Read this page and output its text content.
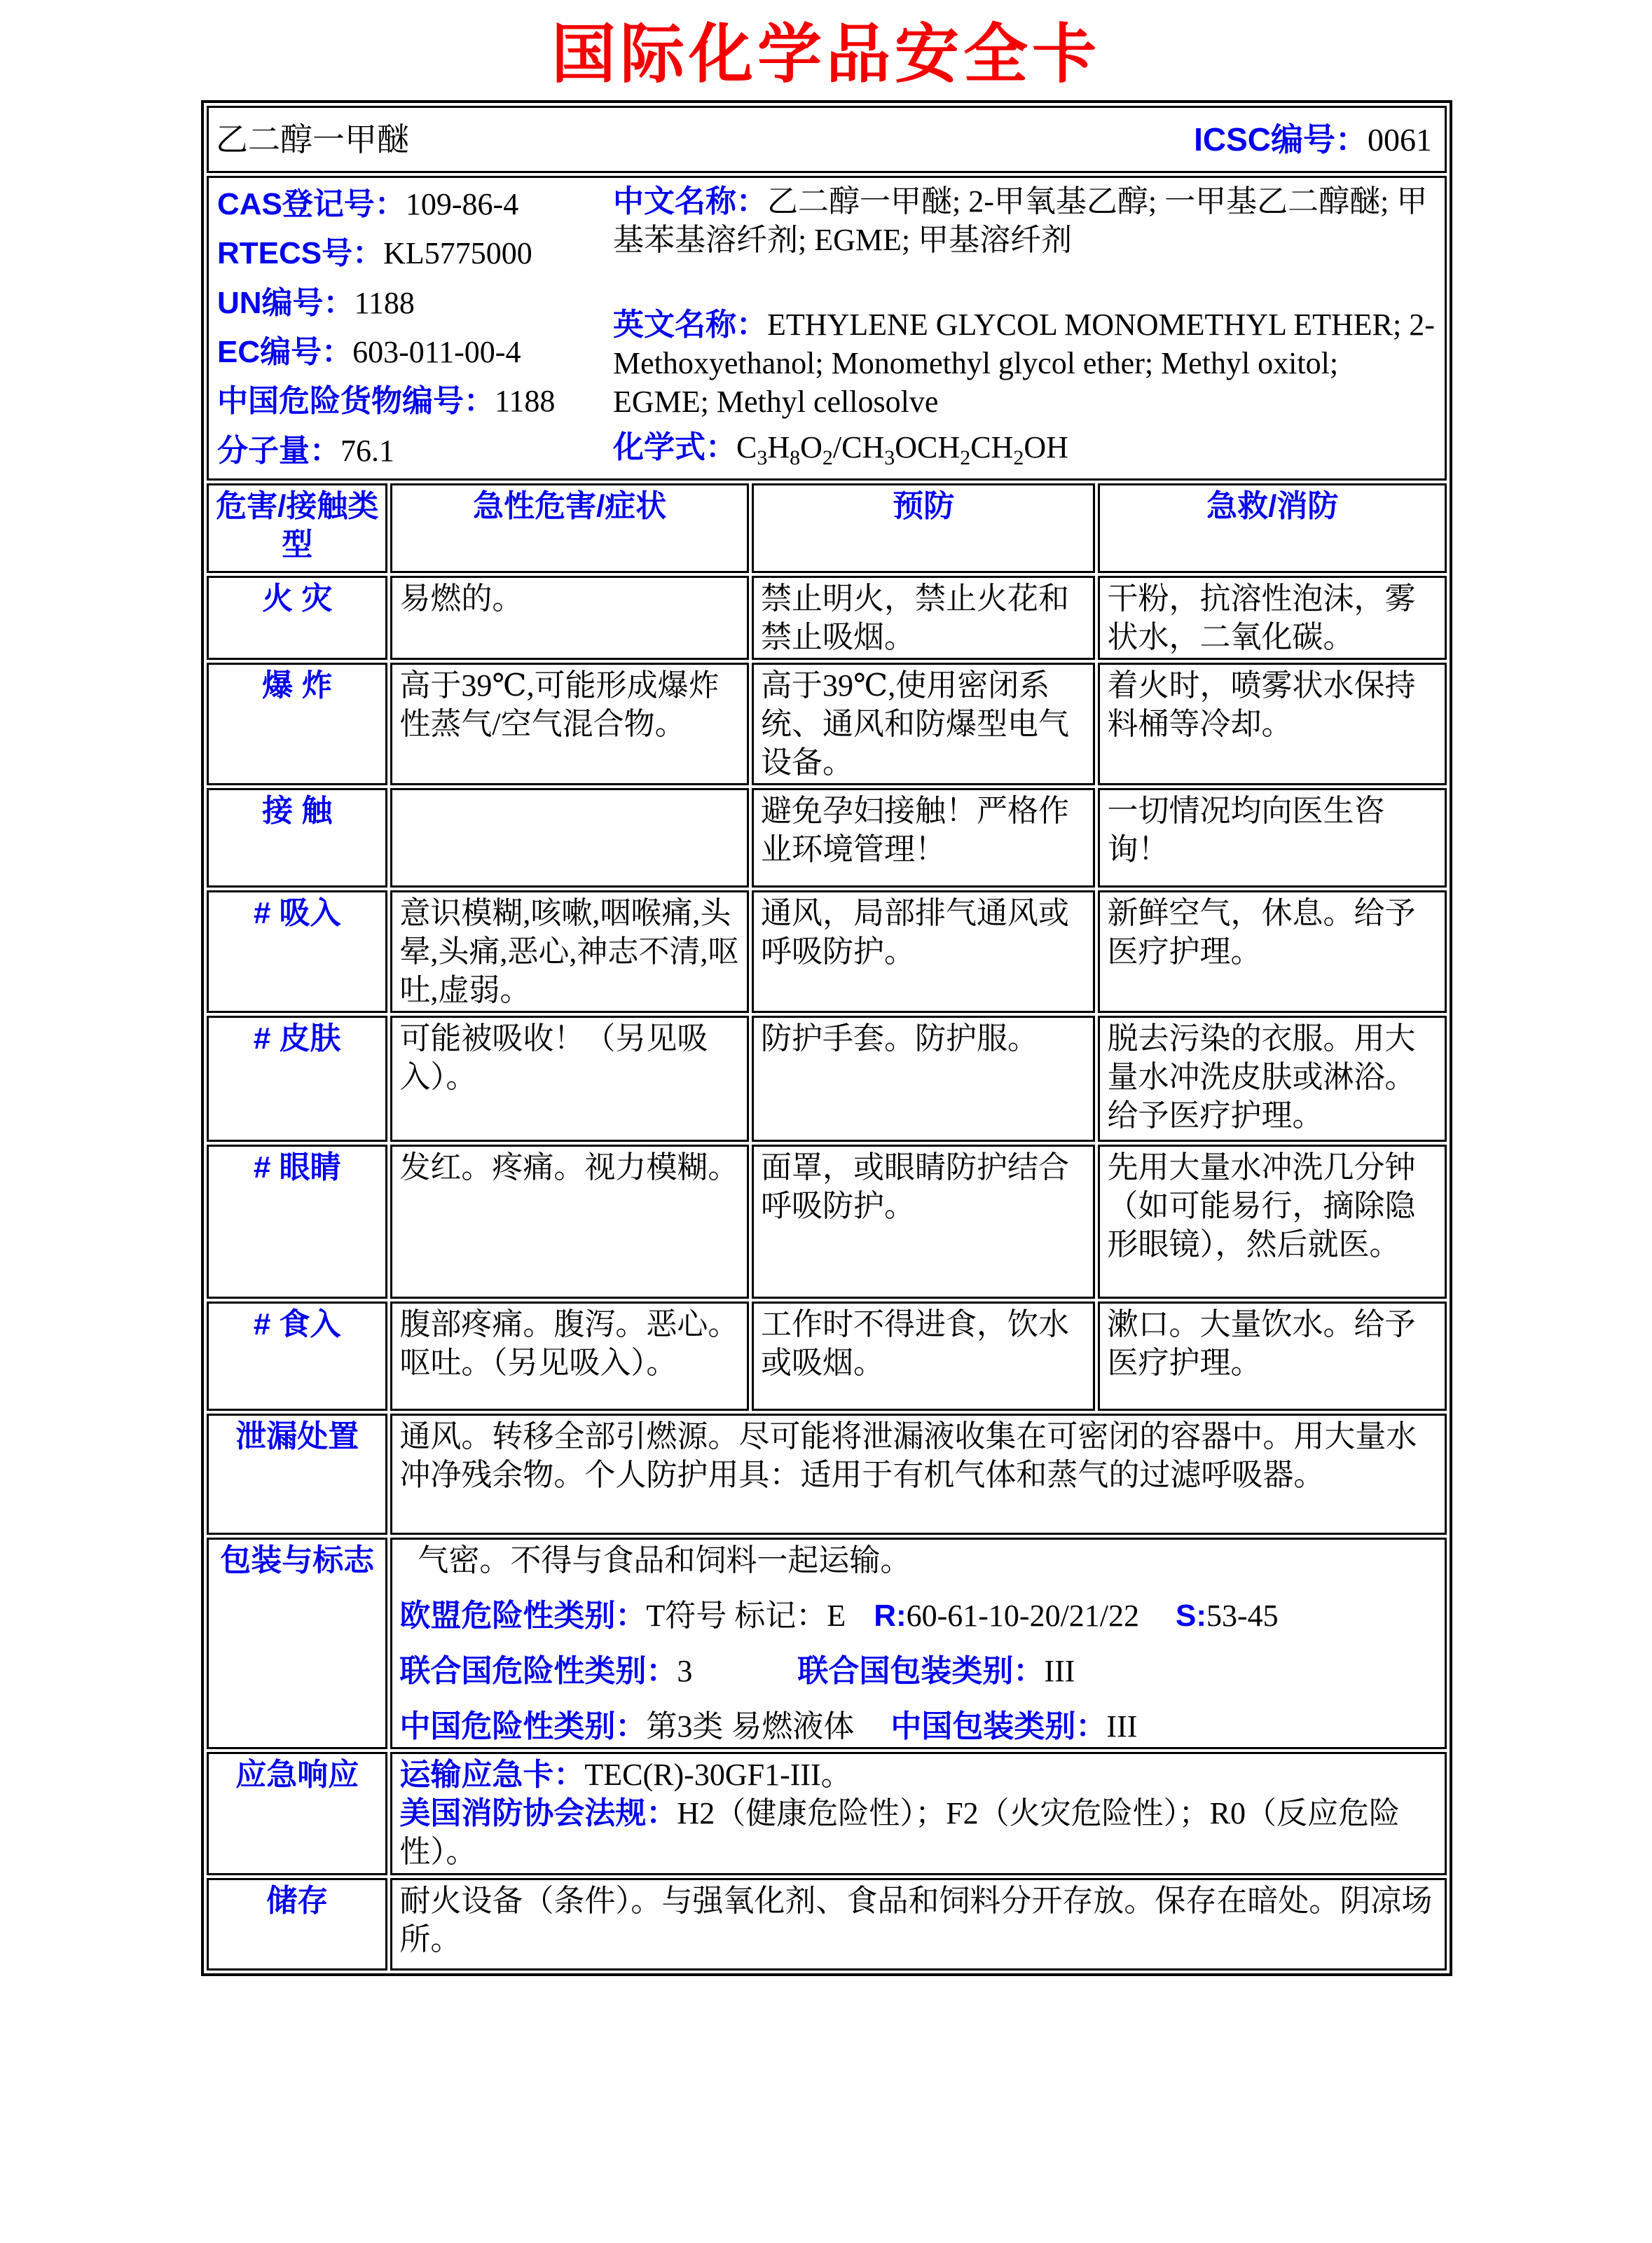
国际化学品安全卡
乙二醇一甲醚 ICSC编号：0061			

CAS登记号：109-86-4
RTECS号：KL5775000
UN编号：1188
EC编号：603-011-00-4
中国危险货物编号：1188
分子量：76.1

中文名称：乙二醇一甲醚; 2-甲氧基乙醇; 一甲基乙二醇醚; 甲基苯基溶纤剂; EGME; 甲基溶纤剂

英文名称：ETHYLENE GLYCOL MONOMETHYL ETHER; 2-Methoxyethanol; Monomethyl glycol ether; Methyl oxitol; EGME; Methyl cellosolve

化学式：$C_3H_8O_2/CH_3OCH_2CH_2OH$

危害/接触类型	急性危害/症状	预防	急救/消防
火 灾	易燃的。	禁止明火，禁止火花和禁止吸烟。	干粉，抗溶性泡沫，雾状水，二氧化碳。
爆 炸	高于39℃,可能形成爆炸性蒸气/空气混合物。	高于39℃,使用密闭系统、通风和防爆型电气设备。	着火时，喷雾状水保持料桶等冷却。
接 触		避免孕妇接触！严格作业环境管理！	一切情况均向医生咨询！
# 吸入	意识模糊,咳嗽,咽喉痛,头晕,头痛,恶心,神志不清,呕吐,虚弱。	通风，局部排气通风或呼吸防护。	新鲜空气，休息。给予医疗护理。
# 皮肤	可能被吸收！（另见吸入）。	防护手套。防护服。	脱去污染的衣服。用大量水冲洗皮肤或淋浴。给予医疗护理。
# 眼睛	发红。疼痛。视力模糊。	面罩，或眼睛防护结合呼吸防护。	先用大量水冲洗几分钟（如可能易行，摘除隐形眼镜），然后就医。
# 食入	腹部疼痛。腹泻。恶心。呕吐。（另见吸入）。	工作时不得进食，饮水或吸烟。	漱口。大量饮水。给予医疗护理。
泄漏处置	通风。转移全部引燃源。尽可能将泄漏液收集在可密闭的容器中。用大量水冲净残余物。个人防护用具：适用于有机气体和蒸气的过滤呼吸器。		
包装与标志	气密。不得与食品和饲料一起运输。

欧盟危险性类别：T符号 标记：E R:60-61-10-20/21/22 S:53-45

联合国危险性类别：3 联合国包装类别：III

中国危险性类别：第3类 易燃液体 中国包装类别：III		

应急响应	运输应急卡：TEC(R)-30GF1-III。

美国消防协会法规：H2（健康危险性）；F2（火灾危险性）；R0（反应危险性）。		

储存	耐火设备（条件）。与强氧化剂、食品和饲料分开存放。保存在暗处。阴凉场所。		
